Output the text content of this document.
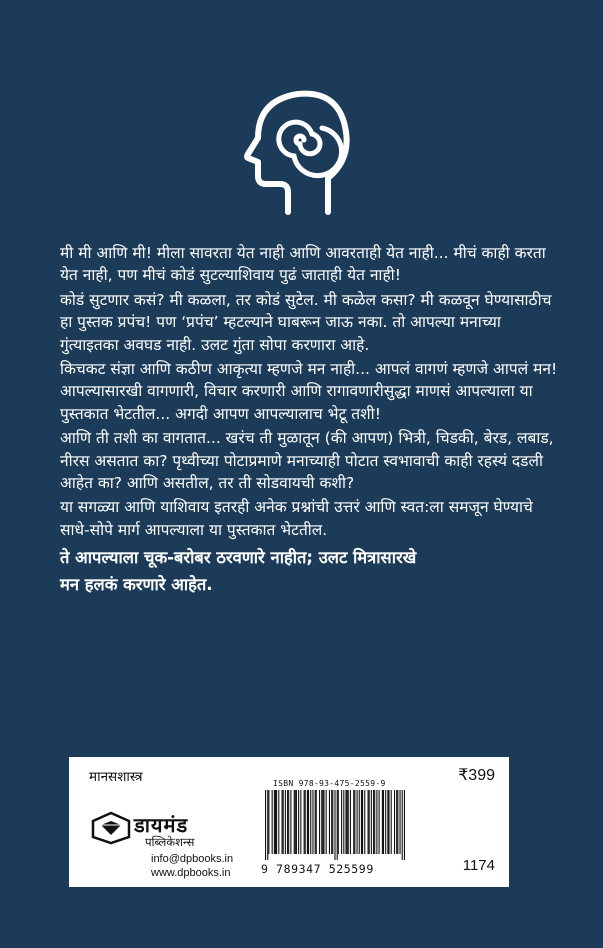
मी मी आणि मी! मीला सावरता येत नाही आणि आवरताही येत नाही... मीचं काही करता येत नाही, पण मीचं कोडं सुटल्याशिवाय पुढं जाताही येत नाही!

कोडं सुटणार कसं? मी कळला, तर कोडं सुटेल. मी कळेल कसा? मी कळवून घेण्यासाठीच हा पुस्तक प्रपंच! पण ‘प्रपंच’ म्हटल्याने घाबरून जाऊ नका. तो आपल्या मनाच्या गुंत्याइतका अवघड नाही. उलट गुंता सोपा करणारा आहे.

किचकट संज्ञा आणि कठीण आकृत्या म्हणजे मन नाही... आपलं वागणं म्हणजे आपलं मन! आपल्यासारखी वागणारी, विचार करणारी आणि रागावणारीसुद्धा माणसं आपल्याला या पुस्तकात भेटतील... अगदी आपण आपल्यालाच भेटू तशी!

आणि ती तशी का वागतात... खरंच ती मुळातून (की आपण) भित्री, चिडकी, बेरड, लबाड, नीरस असतात का? पृथ्वीच्या पोटाप्रमाणे मनाच्याही पोटात स्वभावाची काही रहस्यं दडली आहेत का? आणि असतील, तर ती सोडवायची कशी?

या सगळ्या आणि याशिवाय इतरही अनेक प्रश्नांची उत्तरं आणि स्वत:ला समजून घेण्याचे साधे-सोपे मार्ग आपल्याला या पुस्तकात भेटतील.

ते आपल्याला चूक-बरोबर ठरवणारे नाहीत; उलट मित्रासारखे

मन हलकं करणारे आहेत.

मानसशास्त्र	₹399
डायमंड
पब्लिकेशन्स
info@dpbooks.in
www.dpbooks.in
ISBN 978-93-475-2559-9
9 789347 525599	1174
